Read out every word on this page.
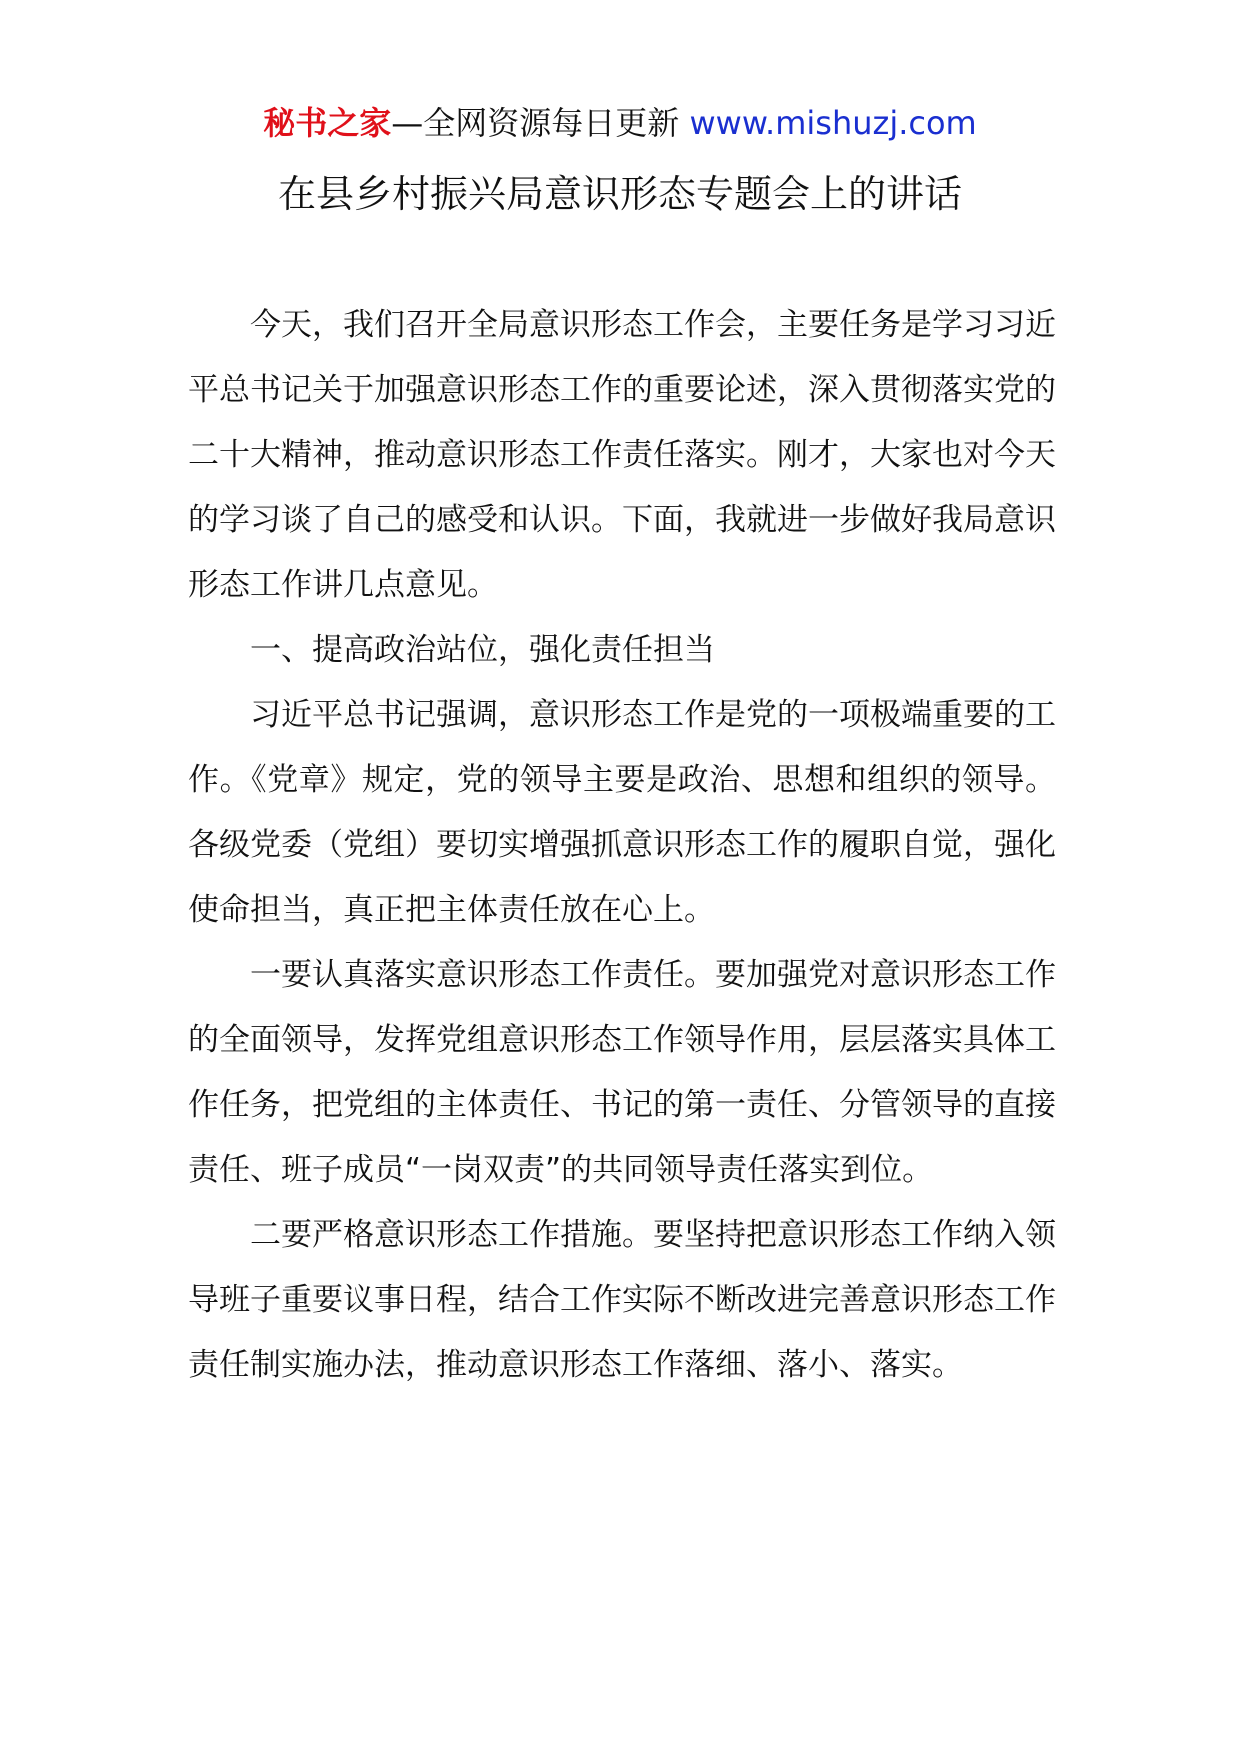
秘书之家—全网资源每日更新 www.mishuzj.com
在县乡村振兴局意识形态专题会上的讲话

今天，我们召开全局意识形态工作会，主要任务是学习习近平总书记关于加强意识形态工作的重要论述，深入贯彻落实党的二十大精神，推动意识形态工作责任落实。刚才，大家也对今天的学习谈了自己的感受和认识。下面，我就进一步做好我局意识形态工作讲几点意见。

一、提高政治站位，强化责任担当

习近平总书记强调，意识形态工作是党的一项极端重要的工作。《党章》规定，党的领导主要是政治、思想和组织的领导。各级党委（党组）要切实增强抓意识形态工作的履职自觉，强化使命担当，真正把主体责任放在心上。

一要认真落实意识形态工作责任。要加强党对意识形态工作的全面领导，发挥党组意识形态工作领导作用，层层落实具体工作任务，把党组的主体责任、书记的第一责任、分管领导的直接责任、班子成员“一岗双责”的共同领导责任落实到位。

二要严格意识形态工作措施。要坚持把意识形态工作纳入领导班子重要议事日程，结合工作实际不断改进完善意识形态工作责任制实施办法，推动意识形态工作落细、落小、落实。
